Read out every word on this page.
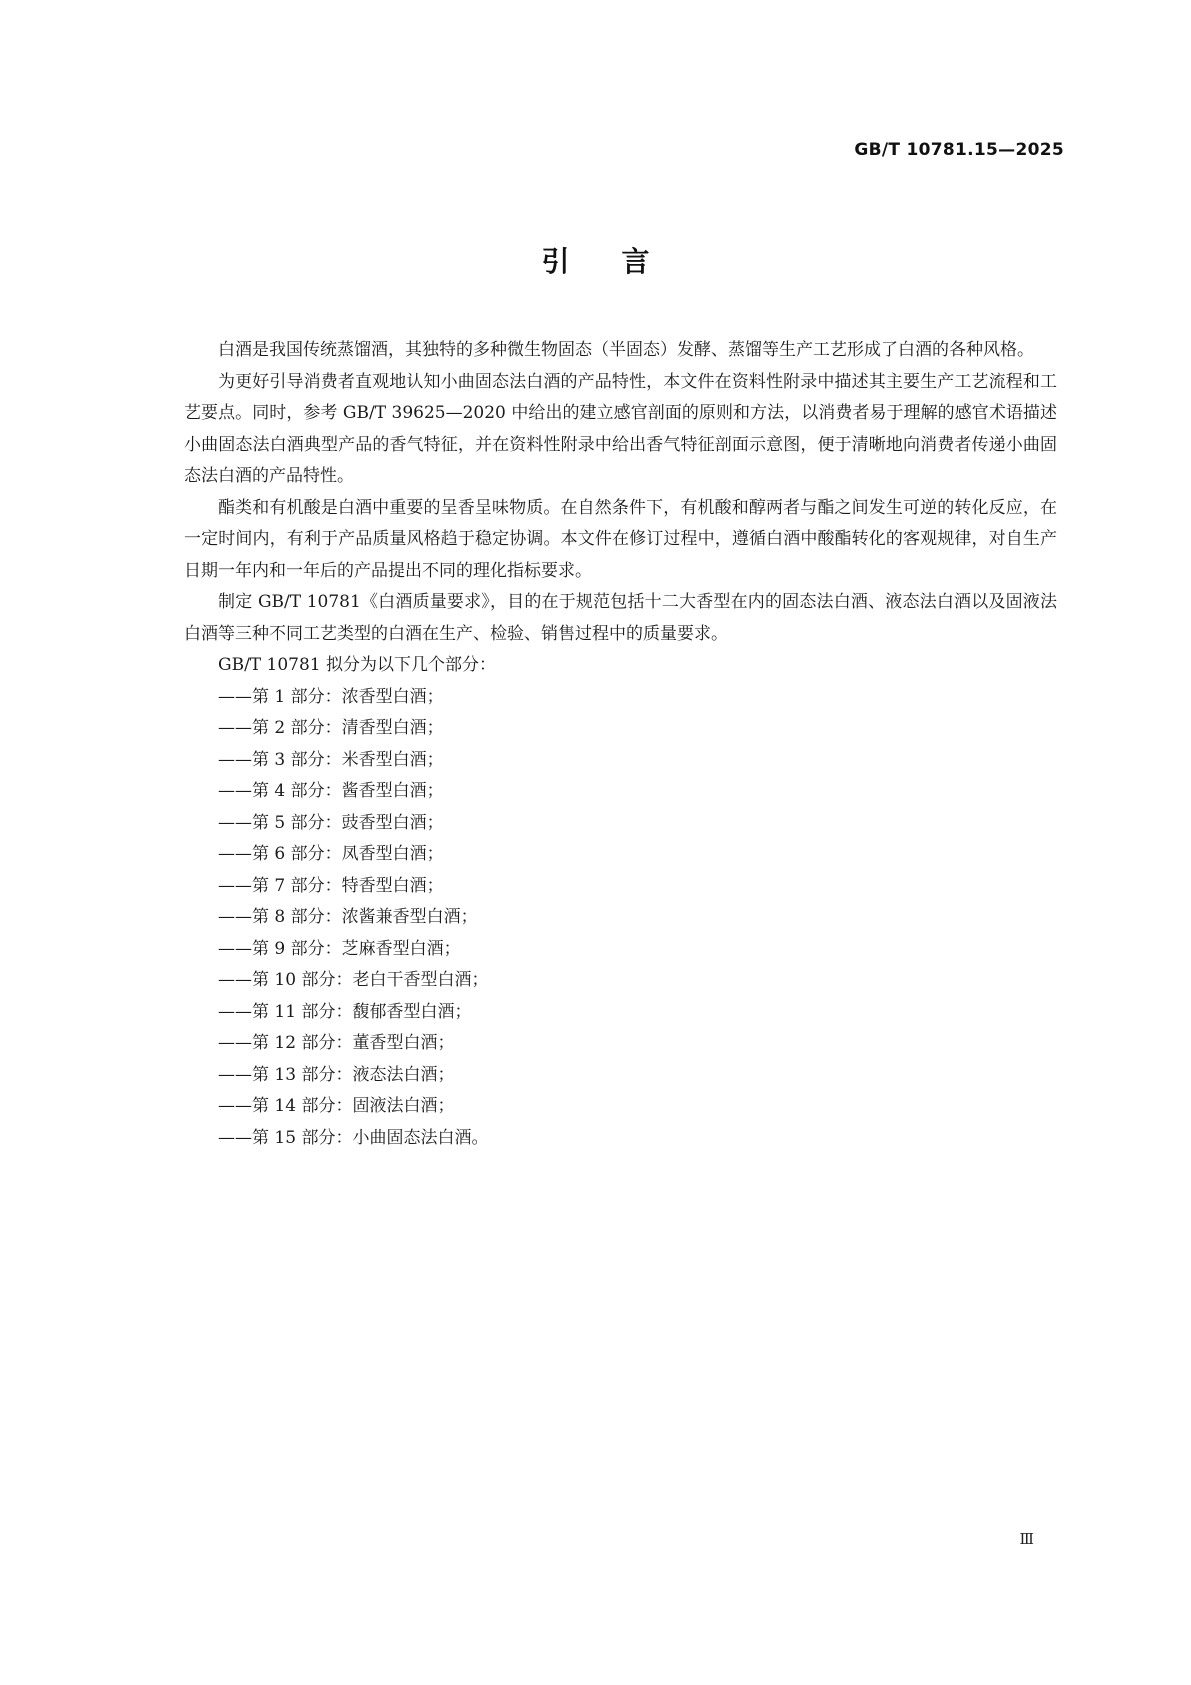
GB/T 10781.15—2025
引言

白酒是我国传统蒸馏酒，其独特的多种微生物固态（半固态）发酵、蒸馏等生产工艺形成了白酒的各种风格。

为更好引导消费者直观地认知小曲固态法白酒的产品特性，本文件在资料性附录中描述其主要生产工艺流程和工艺要点。同时，参考 GB/T 39625—2020 中给出的建立感官剖面的原则和方法，以消费者易于理解的感官术语描述小曲固态法白酒典型产品的香气特征，并在资料性附录中给出香气特征剖面示意图，便于清晰地向消费者传递小曲固态法白酒的产品特性。

酯类和有机酸是白酒中重要的呈香呈味物质。在自然条件下，有机酸和醇两者与酯之间发生可逆的转化反应，在一定时间内，有利于产品质量风格趋于稳定协调。本文件在修订过程中，遵循白酒中酸酯转化的客观规律，对自生产日期一年内和一年后的产品提出不同的理化指标要求。

制定 GB/T 10781《白酒质量要求》，目的在于规范包括十二大香型在内的固态法白酒、液态法白酒以及固液法白酒等三种不同工艺类型的白酒在生产、检验、销售过程中的质量要求。

GB/T 10781 拟分为以下几个部分：

——第 1 部分：浓香型白酒；
——第 2 部分：清香型白酒；
——第 3 部分：米香型白酒；
——第 4 部分：酱香型白酒；
——第 5 部分：豉香型白酒；
——第 6 部分：凤香型白酒；
——第 7 部分：特香型白酒；
——第 8 部分：浓酱兼香型白酒；
——第 9 部分：芝麻香型白酒；
——第 10 部分：老白干香型白酒；
——第 11 部分：馥郁香型白酒；
——第 12 部分：董香型白酒；
——第 13 部分：液态法白酒；
——第 14 部分：固液法白酒；
——第 15 部分：小曲固态法白酒。
Ⅲ
